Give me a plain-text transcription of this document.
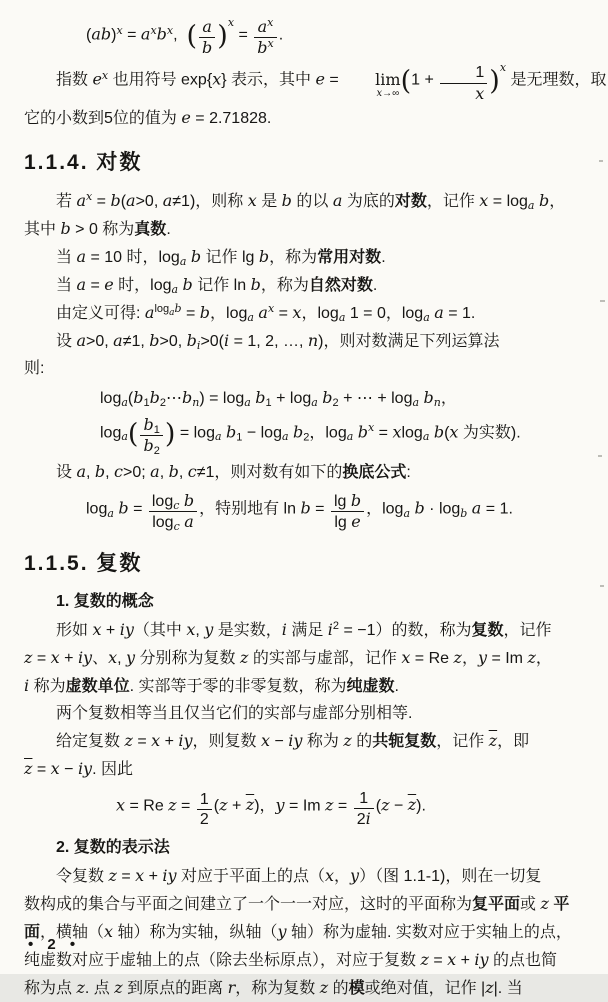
$(ab)^x = a^xb^x$,  ( $\frac{a}{b} )^x = \frac{a^x}{b^x}$ .
指数 $e^x$ 也用符号 exp{x} 表示，其中 e =	lim
x→∞ $(1 + \frac{1}{x} )^x$ 是无理数，取
它的小数到5位的值为 e = 2.71828.
1.1.4. 对数
若 $a^x = b(a>0$, a≠1)，则称 x 是 b 的以 a 为底的对数，记作 $x = \log_a b$，
其中 b > 0 称为真数.
当 a = 10 时，$\log_a b$ 记作 lg b，称为常用对数.
当 a = e 时，$\log_a b$ 记作 ln b，称为自然对数.
由定义可得: $a^{log_ab} = b$，$\log_a a^x = x$，$\log_a 1 = 0$，$\log_a a = 1$.
设 a>0, a≠1, b>0, $b_i>0(i = 1$, 2, …, n)，则对数满足下列运算法
则:
$\log_a(b_1b_2\cdots b_n) = \log_a b_1 + \log_a b_2$ + ⋯ + $\log_a b_n$，
$\log_a( \frac{b_1}{b_2}$ ) = $\log_a b_1 - \log_a b_2$，$\log_a b^x = xlog_a$ b(x 为实数).
设 a, b, c>0; a, b, c≠1，则对数有如下的换底公式:
$\log_a b = \frac{\log_c b}{\log_c a}$ ，特别地有 $\ln b = \frac{\text{lg b}}{\text{lg e}}$ ，$\log_a b \cdot \log_b a = 1$.
1.1.5. 复数
1. 复数的概念
形如 x + iy（其中 x, y 是实数，i 满足 $i^2 = -1$）的数，称为复数，记作
z = x + iy、x, y 分别称为复数 z 的实部与虚部，记作 x = Re z，y = Im z，
i 称为虚数单位. 实部等于零的非零复数，称为纯虚数.
两个复数相等当且仅当它们的实部与虚部分别相等.
给定复数 z = x + iy，则复数 x − iy 称为 z 的共轭复数，记作 $\overline{z}$，即
$\overline{z} = x$ − iy. 因此
x = Re $z = \frac{1}{2} (z + \overline{z})$，y = Im $z = \frac{1}{2i} (z - \overline{z})$.
2. 复数的表示法
令复数 z = x + iy 对应于平面上的点（x，y）（图 1.1-1)，则在一切复
数构成的集合与平面之间建立了一个一一对应，这时的平面称为复平面或 z 平
面，横轴（x 轴）称为实轴，纵轴（y 轴）称为虚轴. 实数对应于实轴上的点，
纯虚数对应于虚轴上的点（除去坐标原点），对应于复数 z = x + iy 的点也简
称为点 z. 点 z 到原点的距离 r，称为复数 z 的模或绝对值，记作 |z|. 当
• 2 •
